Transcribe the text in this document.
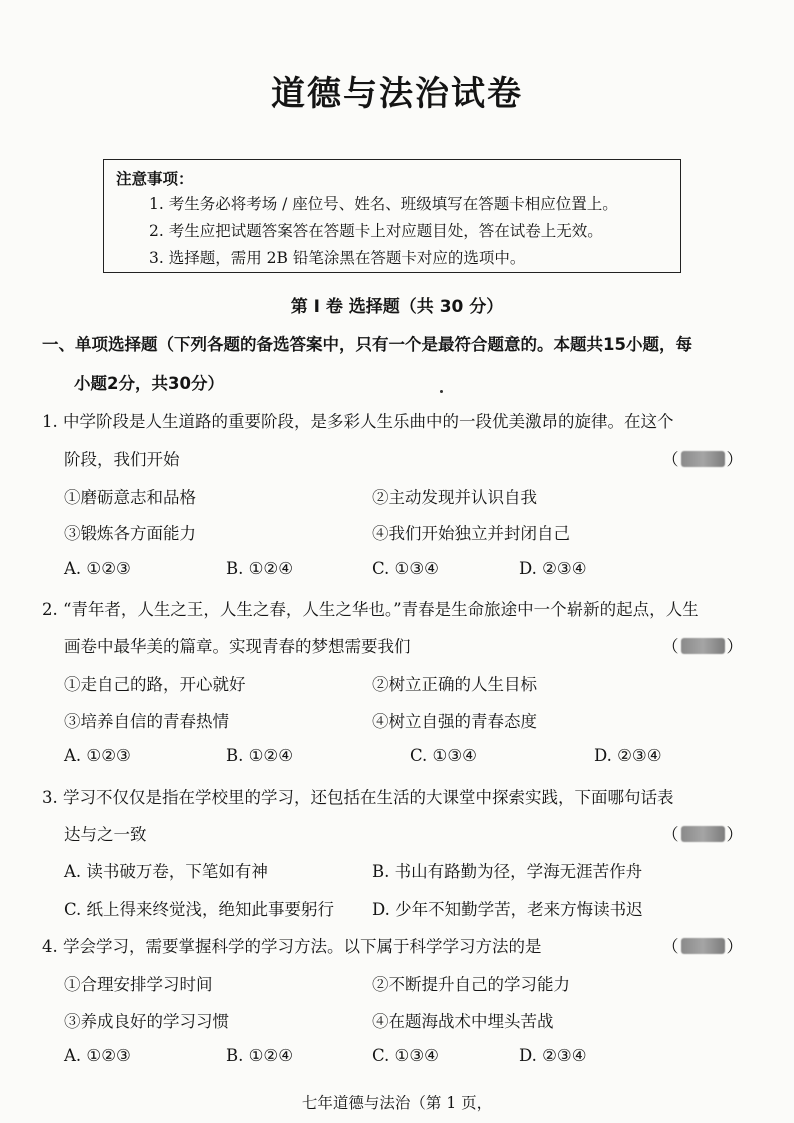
道德与法治试卷
注意事项：
1. 考生务必将考场 / 座位号、姓名、班级填写在答题卡相应位置上。
2. 考生应把试题答案答在答题卡上对应题目处，答在试卷上无效。
3. 选择题，需用 2B 铅笔涂黑在答题卡对应的选项中。
第 I 卷 选择题（共 30 分）
一、单项选择题（下列各题的备选答案中，只有一个是最符合题意的。本题共15小题，每
小题2分，共30分）
1. 中学阶段是人生道路的重要阶段，是多彩人生乐曲中的一段优美激昂的旋律。在这个
阶段，我们开始	（	）
①磨砺意志和品格	②主动发现并认识自我
③锻炼各方面能力	④我们开始独立并封闭自己
A. ①②③	B. ①②④	C. ①③④	D. ②③④
2. “青年者，人生之王，人生之春，人生之华也。”青春是生命旅途中一个崭新的起点，人生
画卷中最华美的篇章。实现青春的梦想需要我们	（	）
①走自己的路，开心就好	②树立正确的人生目标
③培养自信的青春热情	④树立自强的青春态度
A. ①②③	B. ①②④	C. ①③④	D. ②③④
3. 学习不仅仅是指在学校里的学习，还包括在生活的大课堂中探索实践，下面哪句话表
达与之一致	（	）
A. 读书破万卷，下笔如有神	B. 书山有路勤为径，学海无涯苦作舟
C. 纸上得来终觉浅，绝知此事要躬行 D. 少年不知勤学苦，老来方悔读书迟
4. 学会学习，需要掌握科学的学习方法。以下属于科学学习方法的是	（	）
①合理安排学习时间	②不断提升自己的学习能力
③养成良好的学习习惯	④在题海战术中埋头苦战
A. ①②③	B. ①②④	C. ①③④	D. ②③④
七年道德与法治（第 1 页，
